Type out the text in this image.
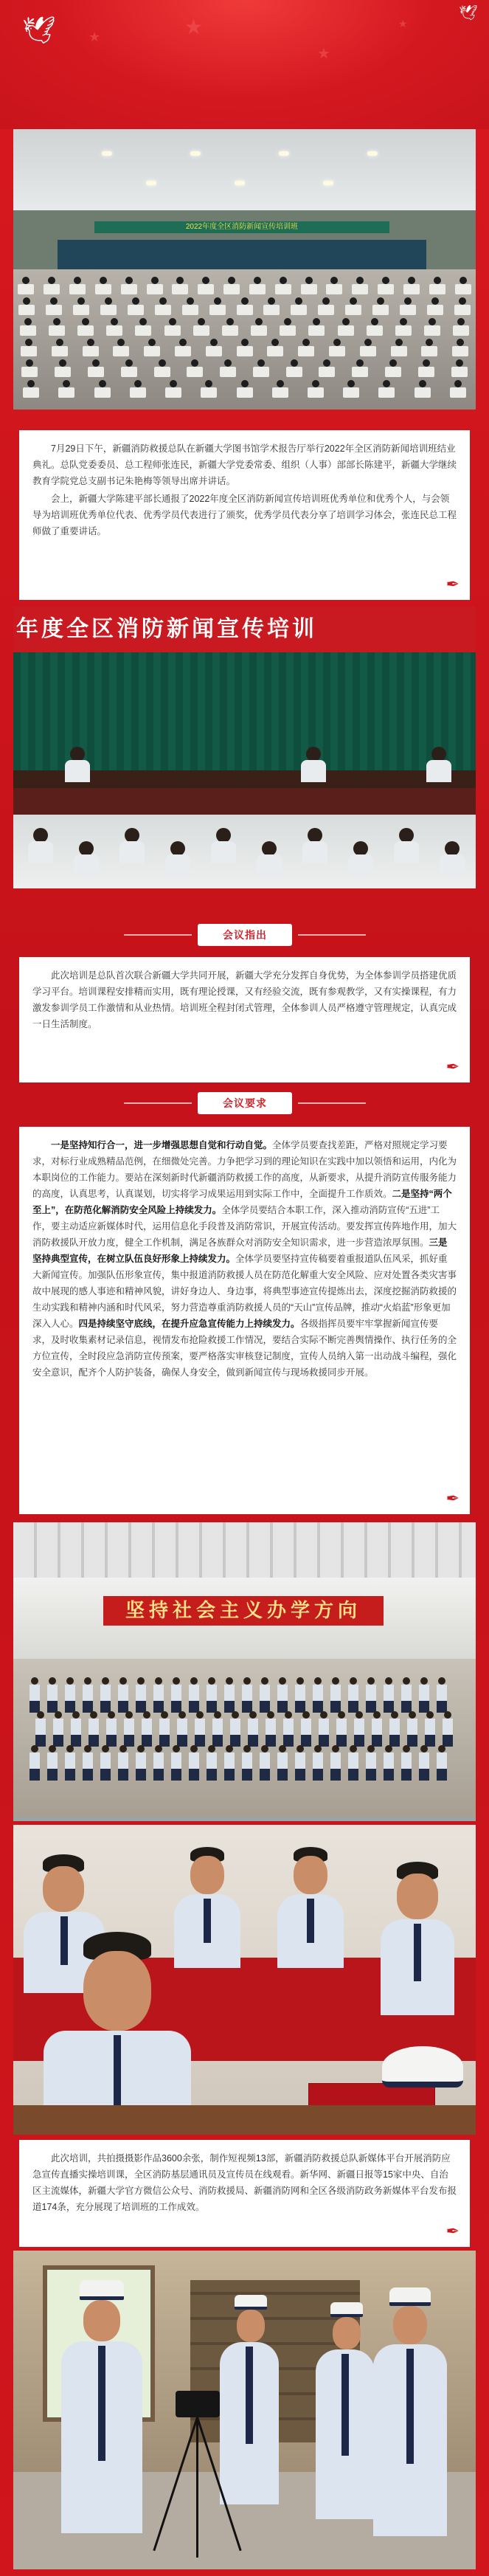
🕊
🕊
★	★
★
★
2022年度全区消防新闻宣传培训班

7月29日下午，新疆消防救援总队在新疆大学图书馆学术报告厅举行2022年全区消防新闻培训班结业典礼。总队党委委员、总工程师张连民，新疆大学党委常委、组织（人事）部部长陈建平，新疆大学继续教育学院党总支副书记朱艳梅等领导出席并讲话。

会上，新疆大学陈建平部长通报了2022年度全区消防新闻宣传培训班优秀单位和优秀个人，与会领导为培训班优秀单位代表、优秀学员代表进行了颁奖，优秀学员代表分享了培训学习体会，张连民总工程师做了重要讲话。

✒
年度全区消防新闻宣传培训
会议指出

此次培训是总队首次联合新疆大学共同开展，新疆大学充分发挥自身优势，为全体参训学员搭建优质学习平台。培训课程安排精而实用，既有理论授课，又有经验交流，既有参观教学，又有实操课程，有力激发参训学员工作激情和从业热情。培训班全程封闭式管理，全体参训人员严格遵守管理规定，认真完成一日生活制度。

✒
会议要求

一是坚持知行合一，进一步增强思想自觉和行动自觉。全体学员要查找差距，严格对照规定学习要求，对标行业成熟精品范例，在细微处完善。力争把学习到的理论知识在实践中加以领悟和运用，内化为本职岗位的工作能力。要站在深刻新时代新疆消防救援工作的高度，从新要求，从提升消防宣传服务能力的高度，认真思考，认真谋划，切实将学习成果运用到实际工作中，全面提升工作质效。二是坚持“两个至上”，在防范化解消防安全风险上持续发力。全体学员要结合本职工作，深入推动消防宣传“五进”工作，要主动适应新媒体时代，运用信息化手段普及消防常识，开展宣传活动。要发挥宣传阵地作用，加大消防救援队开放力度，健全工作机制，满足各族群众对消防安全知识需求，进一步营造浓厚氛围。三是坚持典型宣传，在树立队伍良好形象上持续发力。全体学员要坚持宣传稿要着重报道队伍风采，抓好重大新闻宣传。加强队伍形象宣传，集中报道消防救援人员在防范化解重大安全风险、应对处置各类灾害事故中展现的感人事迹和精神风貌，讲好身边人、身边事，将典型事迹宣传提炼出去，深度挖掘消防救援的生动实践和精神内涵和时代风采，努力营造尊重消防救援人员的“天山”宣传品牌，推动“火焰蓝”形象更加深入人心。四是持续坚守底线，在提升应急宣传能力上持续发力。各级指挥员要牢牢掌握新闻宣传要求，及时收集素材记录信息，视情发布抢险救援工作情况，要结合实际不断完善舆情操作、执行任务的全方位宣传，全时段应急消防宣传预案，要严格落实审核登记制度，宣传人员纳入第一出动战斗编程，强化安全意识，配齐个人防护装备，确保人身安全，做到新闻宣传与现场救援同步开展。

✒
坚持社会主义办学方向

此次培训，共拍摄摄影作品3600余张，制作短视频13部，新疆消防救援总队新媒体平台开展消防应急宣传直播实操培训课，全区消防基层通讯员及宣传员在线观看。新华网、新疆日报等15家中央、自治区主流媒体，新疆大学官方微信公众号、消防救援局、新疆消防网和全区各级消防政务新媒体平台发布报道174条，充分展现了培训班的工作成效。

✒
